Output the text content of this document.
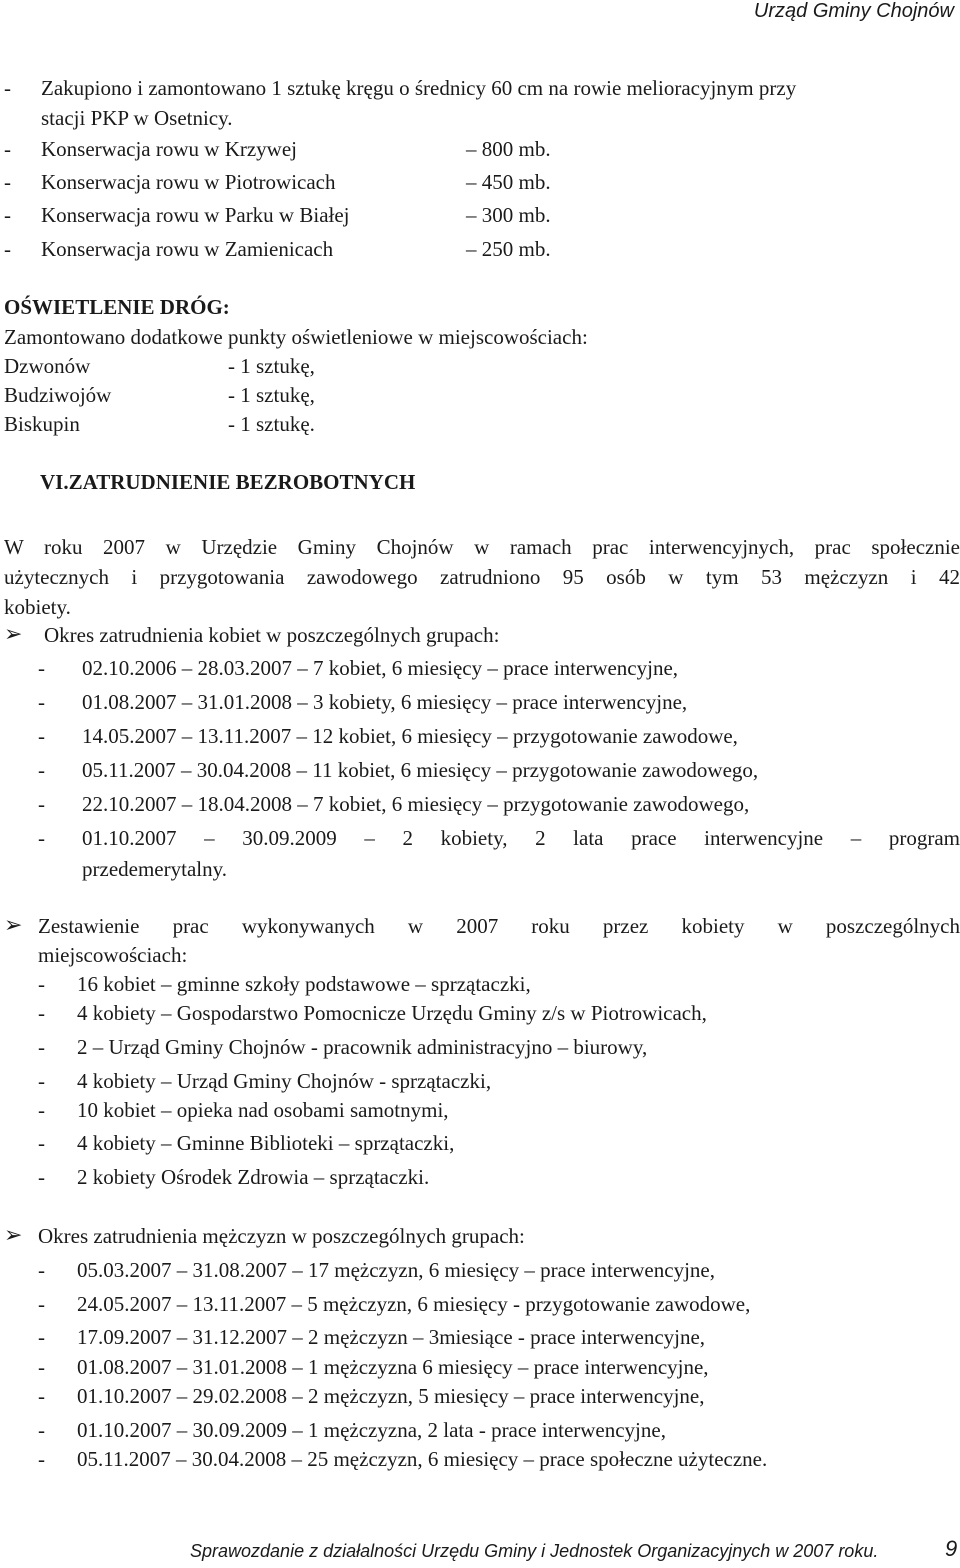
Urząd Gminy Chojnów
- Zakupiono i zamontowano 1 sztukę kręgu o średnicy 60 cm na rowie melioracyjnym przy
stacji PKP w Osetnicy.
- Konserwacja rowu w Krzywej	– 800 mb.
- Konserwacja rowu w Piotrowicach	– 450 mb.
- Konserwacja rowu w Parku w Białej	– 300 mb.
- Konserwacja rowu w Zamienicach	– 250 mb.
OŚWIETLENIE DRÓG:
Zamontowano dodatkowe punkty oświetleniowe w miejscowościach:
Dzwonów	- 1 sztukę,
Budziwojów	- 1 sztukę,
Biskupin	- 1 sztukę.
VI.ZATRUDNIENIE BEZROBOTNYCH
W roku 2007 w Urzędzie Gminy Chojnów w ramach prac interwencyjnych, prac społecznie
użytecznych i przygotowania zawodowego zatrudniono 95 osób w tym 53 mężczyzn i 42
kobiety.
➢ Okres zatrudnienia kobiet w poszczególnych grupach:
- 02.10.2006 – 28.03.2007 – 7 kobiet, 6 miesięcy – prace interwencyjne,
- 01.08.2007 – 31.01.2008 – 3 kobiety, 6 miesięcy – prace interwencyjne,
- 14.05.2007 – 13.11.2007 – 12 kobiet, 6 miesięcy – przygotowanie zawodowe,
- 05.11.2007 – 30.04.2008 – 11 kobiet, 6 miesięcy – przygotowanie zawodowego,
- 22.10.2007 – 18.04.2008 – 7 kobiet, 6 miesięcy – przygotowanie zawodowego,
- 01.10.2007 – 30.09.2009 – 2 kobiety, 2 lata prace interwencyjne – program
przedemerytalny.
➢ Zestawienie prac wykonywanych w 2007 roku przez kobiety w poszczególnych
miejscowościach:
- 16 kobiet – gminne szkoły podstawowe – sprzątaczki,
- 4 kobiety – Gospodarstwo Pomocnicze Urzędu Gminy z/s w Piotrowicach,
- 2 – Urząd Gminy Chojnów - pracownik administracyjno – biurowy,
- 4 kobiety – Urząd Gminy Chojnów - sprzątaczki,
- 10 kobiet – opieka nad osobami samotnymi,
- 4 kobiety – Gminne Biblioteki – sprzątaczki,
- 2 kobiety Ośrodek Zdrowia – sprzątaczki.
➢ Okres zatrudnienia mężczyzn w poszczególnych grupach:
- 05.03.2007 – 31.08.2007 – 17 mężczyzn, 6 miesięcy – prace interwencyjne,
- 24.05.2007 – 13.11.2007 – 5 mężczyzn, 6 miesięcy - przygotowanie zawodowe,
- 17.09.2007 – 31.12.2007 – 2 mężczyzn – 3miesiące - prace interwencyjne,
- 01.08.2007 – 31.01.2008 – 1 mężczyzna 6 miesięcy – prace interwencyjne,
- 01.10.2007 – 29.02.2008 – 2 mężczyzn, 5 miesięcy – prace interwencyjne,
- 01.10.2007 – 30.09.2009 – 1 mężczyzna, 2 lata - prace interwencyjne,
- 05.11.2007 – 30.04.2008 – 25 mężczyzn, 6 miesięcy – prace społeczne użyteczne.
Sprawozdanie z działalności Urzędu Gminy i Jednostek Organizacyjnych w 2007 roku.	9
